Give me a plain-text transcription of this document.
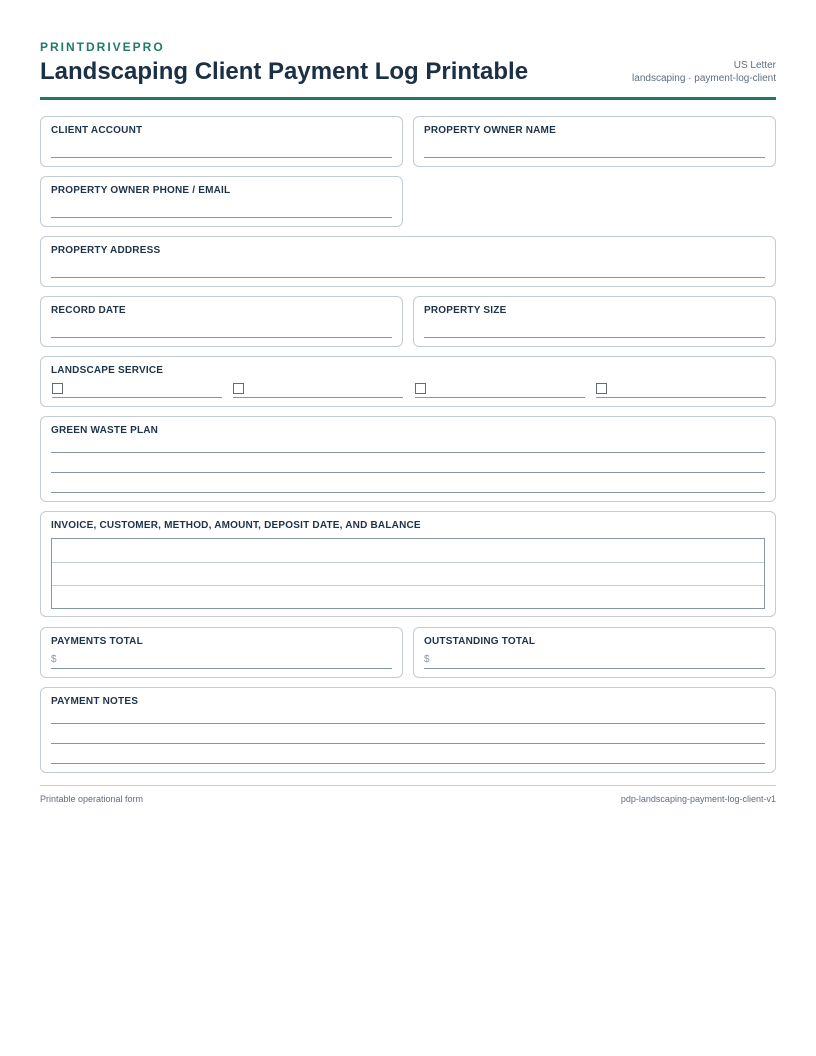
PRINTDRIVEPRO
Landscaping Client Payment Log Printable	US Letter
landscaping · payment-log-client
CLIENT ACCOUNT	PROPERTY OWNER NAME
PROPERTY OWNER PHONE / EMAIL
PROPERTY ADDRESS
RECORD DATE	PROPERTY SIZE
LANDSCAPE SERVICE
GREEN WASTE PLAN
INVOICE, CUSTOMER, METHOD, AMOUNT, DEPOSIT DATE, AND BALANCE
PAYMENTS TOTAL
$
OUTSTANDING TOTAL
$
PAYMENT NOTES
Printable operational form	pdp-landscaping-payment-log-client-v1
